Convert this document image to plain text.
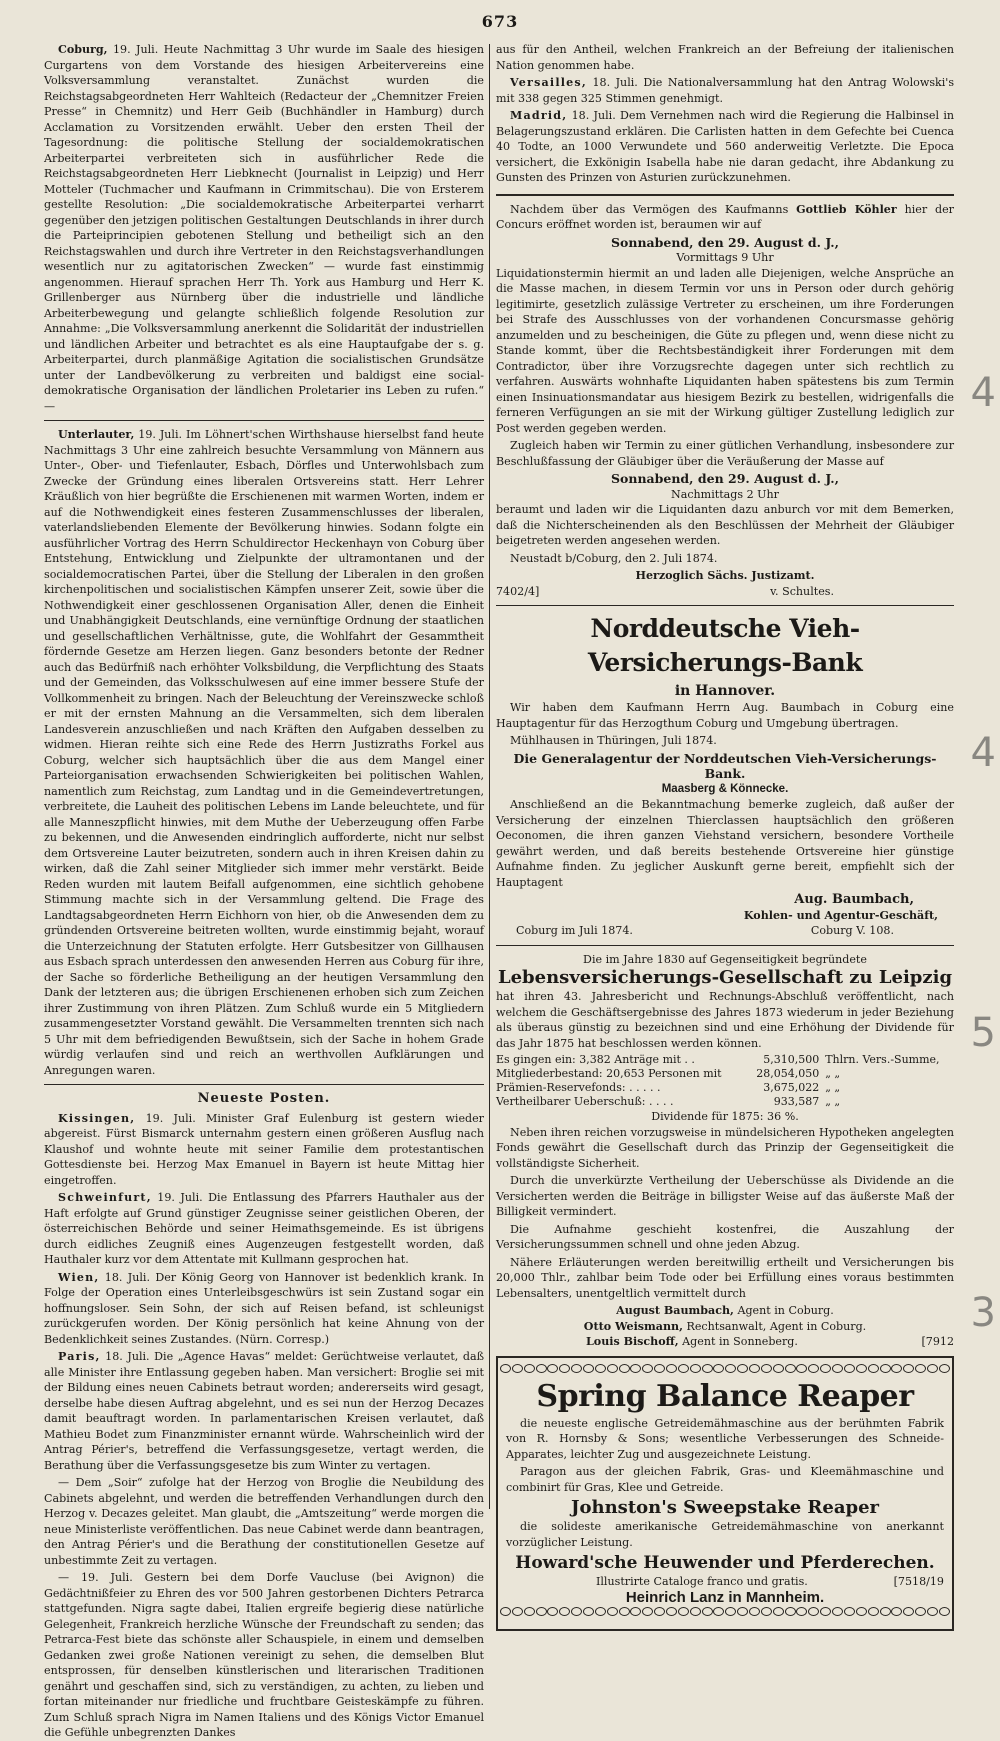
673

Coburg, 19. Juli. Heute Nachmittag 3 Uhr wurde im Saale des hiesigen Curgartens von dem Vorstande des hiesigen Arbeitervereins eine Volksversammlung veranstaltet. Zunächst wurden die Reichstagsabgeordneten Herr Wahlteich (Redacteur der „Chemnitzer Freien Presse“ in Chemnitz) und Herr Geib (Buchhändler in Hamburg) durch Acclamation zu Vorsitzenden erwählt. Ueber den ersten Theil der Tagesordnung: die politische Stellung der socialdemokratischen Arbeiterpartei verbreiteten sich in ausführlicher Rede die Reichstagsabgeordneten Herr Liebknecht (Journalist in Leipzig) und Herr Motteler (Tuchmacher und Kaufmann in Crimmitschau). Die von Ersterem gestellte Resolution: „Die socialdemokratische Arbeiterpartei verharrt gegenüber den jetzigen politischen Gestaltungen Deutschlands in ihrer durch die Parteiprincipien gebotenen Stellung und betheiligt sich an den Reichstagswahlen und durch ihre Vertreter in den Reichstagsverhandlungen wesentlich nur zu agitatorischen Zwecken“ — wurde fast einstimmig angenommen. Hierauf sprachen Herr Th. York aus Hamburg und Herr K. Grillenberger aus Nürnberg über die industrielle und ländliche Arbeiterbewegung und gelangte schließlich folgende Resolution zur Annahme: „Die Volksversammlung anerkennt die Solidarität der industriellen und ländlichen Arbeiter und betrachtet es als eine Hauptaufgabe der s. g. Arbeiterpartei, durch planmäßige Agitation die socialistischen Grundsätze unter der Landbevölkerung zu verbreiten und baldigst eine social-demokratische Organisation der ländlichen Proletarier ins Leben zu rufen.“ —

Unterlauter, 19. Juli. Im Löhnert'schen Wirthshause hierselbst fand heute Nachmittags 3 Uhr eine zahlreich besuchte Versammlung von Männern aus Unter-, Ober- und Tiefenlauter, Esbach, Dörfles und Unterwohlsbach zum Zwecke der Gründung eines liberalen Ortsvereins statt. Herr Lehrer Kräußlich von hier begrüßte die Erschienenen mit warmen Worten, indem er auf die Nothwendigkeit eines festeren Zusammenschlusses der liberalen, vaterlandsliebenden Elemente der Bevölkerung hinwies. Sodann folgte ein ausführlicher Vortrag des Herrn Schuldirector Heckenhayn von Coburg über Entstehung, Entwicklung und Zielpunkte der ultramontanen und der socialdemocratischen Partei, über die Stellung der Liberalen in den großen kirchenpolitischen und socialistischen Kämpfen unserer Zeit, sowie über die Nothwendigkeit einer geschlossenen Organisation Aller, denen die Einheit und Unabhängigkeit Deutschlands, eine vernünftige Ordnung der staatlichen und gesellschaftlichen Verhältnisse, gute, die Wohlfahrt der Gesammtheit fördernde Gesetze am Herzen liegen. Ganz besonders betonte der Redner auch das Bedürfniß nach erhöhter Volksbildung, die Verpflichtung des Staats und der Gemeinden, das Volksschulwesen auf eine immer bessere Stufe der Vollkommenheit zu bringen. Nach der Beleuchtung der Vereinszwecke schloß er mit der ernsten Mahnung an die Versammelten, sich dem liberalen Landesverein anzuschließen und nach Kräften den Aufgaben desselben zu widmen. Hieran reihte sich eine Rede des Herrn Justizraths Forkel aus Coburg, welcher sich hauptsächlich über die aus dem Mangel einer Parteiorganisation erwachsenden Schwierigkeiten bei politischen Wahlen, namentlich zum Reichstag, zum Landtag und in die Gemeindevertretungen, verbreitete, die Lauheit des politischen Lebens im Lande beleuchtete, und für alle Manneszpflicht hinwies, mit dem Muthe der Ueberzeugung offen Farbe zu bekennen, und die Anwesenden eindringlich aufforderte, nicht nur selbst dem Ortsvereine Lauter beizutreten, sondern auch in ihren Kreisen dahin zu wirken, daß die Zahl seiner Mitglieder sich immer mehr verstärkt. Beide Reden wurden mit lautem Beifall aufgenommen, eine sichtlich gehobene Stimmung machte sich in der Versammlung geltend. Die Frage des Landtagsabgeordneten Herrn Eichhorn von hier, ob die Anwesenden dem zu gründenden Ortsvereine beitreten wollten, wurde einstimmig bejaht, worauf die Unterzeichnung der Statuten erfolgte. Herr Gutsbesitzer von Gillhausen aus Esbach sprach unterdessen den anwesenden Herren aus Coburg für ihre, der Sache so förderliche Betheiligung an der heutigen Versammlung den Dank der letzteren aus; die übrigen Erschienenen erhoben sich zum Zeichen ihrer Zustimmung von ihren Plätzen. Zum Schluß wurde ein 5 Mitgliedern zusammengesetzter Vorstand gewählt. Die Versammelten trennten sich nach 5 Uhr mit dem befriedigenden Bewußtsein, sich der Sache in hohem Grade würdig verlaufen sind und reich an werthvollen Aufklärungen und Anregungen waren.

Neueste Posten.

Kissingen, 19. Juli. Minister Graf Eulenburg ist gestern wieder abgereist. Fürst Bismarck unternahm gestern einen größeren Ausflug nach Klaushof und wohnte heute mit seiner Familie dem protestantischen Gottesdienste bei. Herzog Max Emanuel in Bayern ist heute Mittag hier eingetroffen.

Schweinfurt, 19. Juli. Die Entlassung des Pfarrers Hauthaler aus der Haft erfolgte auf Grund günstiger Zeugnisse seiner geistlichen Oberen, der österreichischen Behörde und seiner Heimathsgemeinde. Es ist übrigens durch eidliches Zeugniß eines Augenzeugen festgestellt worden, daß Hauthaler kurz vor dem Attentate mit Kullmann gesprochen hat.

Wien, 18. Juli. Der König Georg von Hannover ist bedenklich krank. In Folge der Operation eines Unterleibsgeschwürs ist sein Zustand sogar ein hoffnungsloser. Sein Sohn, der sich auf Reisen befand, ist schleunigst zurückgerufen worden. Der König persönlich hat keine Ahnung von der Bedenklichkeit seines Zustandes. (Nürn. Corresp.)

Paris, 18. Juli. Die „Agence Havas“ meldet: Gerüchtweise verlautet, daß alle Minister ihre Entlassung gegeben haben. Man versichert: Broglie sei mit der Bildung eines neuen Cabinets betraut worden; andererseits wird gesagt, derselbe habe diesen Auftrag abgelehnt, und es sei nun der Herzog Decazes damit beauftragt worden. In parlamentarischen Kreisen verlautet, daß Mathieu Bodet zum Finanzminister ernannt würde. Wahrscheinlich wird der Antrag Périer's, betreffend die Verfassungsgesetze, vertagt werden, die Berathung über die Verfassungsgesetze bis zum Winter zu vertagen.

— Dem „Soir“ zufolge hat der Herzog von Broglie die Neubildung des Cabinets abgelehnt, und werden die betreffenden Verhandlungen durch den Herzog v. Decazes geleitet. Man glaubt, die „Amtszeitung“ werde morgen die neue Ministerliste veröffentlichen. Das neue Cabinet werde dann beantragen, den Antrag Périer's und die Berathung der constitutionellen Gesetze auf unbestimmte Zeit zu vertagen.

— 19. Juli. Gestern bei dem Dorfe Vaucluse (bei Avignon) die Gedächtnißfeier zu Ehren des vor 500 Jahren gestorbenen Dichters Petrarca stattgefunden. Nigra sagte dabei, Italien ergreife begierig diese natürliche Gelegenheit, Frankreich herzliche Wünsche der Freundschaft zu senden; das Petrarca-Fest biete das schönste aller Schauspiele, in einem und demselben Gedanken zwei große Nationen vereinigt zu sehen, die demselben Blut entsprossen, für denselben künstlerischen und literarischen Traditionen genährt und geschaffen sind, sich zu verständigen, zu achten, zu lieben und fortan miteinander nur friedliche und fruchtbare Geisteskämpfe zu führen. Zum Schluß sprach Nigra im Namen Italiens und des Königs Victor Emanuel die Gefühle unbegrenzten Dankes

aus für den Antheil, welchen Frankreich an der Befreiung der italienischen Nation genommen habe.

Versailles, 18. Juli. Die Nationalversammlung hat den Antrag Wolowski's mit 338 gegen 325 Stimmen genehmigt.

Madrid, 18. Juli. Dem Vernehmen nach wird die Regierung die Halbinsel in Belagerungszustand erklären. Die Carlisten hatten in dem Gefechte bei Cuenca 40 Todte, an 1000 Verwundete und 560 anderweitig Verletzte. Die Epoca versichert, die Exkönigin Isabella habe nie daran gedacht, ihre Abdankung zu Gunsten des Prinzen von Asturien zurückzunehmen.

Nachdem über das Vermögen des Kaufmanns Gottlieb Köhler hier der Concurs eröffnet worden ist, beraumen wir auf

Sonnabend, den 29. August d. J.,
Vormittags 9 Uhr

Liquidationstermin hiermit an und laden alle Diejenigen, welche Ansprüche an die Masse machen, in diesem Termin vor uns in Person oder durch gehörig legitimirte, gesetzlich zulässige Vertreter zu erscheinen, um ihre Forderungen bei Strafe des Ausschlusses von der vorhandenen Concursmasse gehörig anzumelden und zu bescheinigen, die Güte zu pflegen und, wenn diese nicht zu Stande kommt, über die Rechtsbeständigkeit ihrer Forderungen mit dem Contradictor, über ihre Vorzugsrechte dagegen unter sich rechtlich zu verfahren. Auswärts wohnhafte Liquidanten haben spätestens bis zum Termin einen Insinuationsmandatar aus hiesigem Bezirk zu bestellen, widrigenfalls die ferneren Verfügungen an sie mit der Wirkung gültiger Zustellung lediglich zur Post werden gegeben werden.

Zugleich haben wir Termin zu einer gütlichen Verhandlung, insbesondere zur Beschlußfassung der Gläubiger über die Veräußerung der Masse auf

Sonnabend, den 29. August d. J.,
Nachmittags 2 Uhr

beraumt und laden wir die Liquidanten dazu anburch vor mit dem Bemerken, daß die Nichterscheinenden als den Beschlüssen der Mehrheit der Gläubiger beigetreten werden angesehen werden.

Neustadt b/Coburg, den 2. Juli 1874.

Herzoglich Sächs. Justizamt.
7402/4]	v. Schultes.
Norddeutsche Vieh-Versicherungs-Bank
in Hannover.

Wir haben dem Kaufmann Herrn Aug. Baumbach in Coburg eine Hauptagentur für das Herzogthum Coburg und Umgebung übertragen.

Mühlhausen in Thüringen, Juli 1874.

Die Generalagentur der Norddeutschen Vieh-Versicherungs-Bank.
Maasberg & Könnecke.

Anschließend an die Bekanntmachung bemerke zugleich, daß außer der Versicherung der einzelnen Thierclassen hauptsächlich den größeren Oeconomen, die ihren ganzen Viehstand versichern, besondere Vortheile gewährt werden, und daß bereits bestehende Ortsvereine hier günstige Aufnahme finden. Zu jeglicher Auskunft gerne bereit, empfiehlt sich der Hauptagent

Aug. Baumbach,
Kohlen- und Agentur-Geschäft,
Coburg im Juli 1874.	Coburg V. 108.
Die im Jahre 1830 auf Gegenseitigkeit begründete
Lebensversicherungs-Gesellschaft zu Leipzig

hat ihren 43. Jahresbericht und Rechnungs-Abschluß veröffentlicht, nach welchem die Geschäftsergebnisse des Jahres 1873 wiederum in jeder Beziehung als überaus günstig zu bezeichnen sind und eine Erhöhung der Dividende für das Jahr 1875 hat beschlossen werden können.

Es gingen ein: 3,382 Anträge mit . .	5,310,500	Thlrn. Vers.-Summe,
Mitgliederbestand: 20,653 Personen mit	28,054,050	„ „
Prämien-Reservefonds: . . . . .	3,675,022	„ „
Vertheilbarer Ueberschuß: . . . .	933,587	„ „
Dividende für 1875: 36 %.

Neben ihren reichen vorzugsweise in mündelsicheren Hypotheken angelegten Fonds gewährt die Gesellschaft durch das Prinzip der Gegenseitigkeit die vollständigste Sicherheit.

Durch die unverkürzte Vertheilung der Ueberschüsse als Dividende an die Versicherten werden die Beiträge in billigster Weise auf das äußerste Maß der Billigkeit vermindert.

Die Aufnahme geschieht kostenfrei, die Auszahlung der Versicherungssummen schnell und ohne jeden Abzug.

Nähere Erläuterungen werden bereitwillig ertheilt und Versicherungen bis 20,000 Thlr., zahlbar beim Tode oder bei Erfüllung eines voraus bestimmten Lebensalters, unentgeltlich vermittelt durch

August Baumbach, Agent in Coburg.
Otto Weismann, Rechtsanwalt, Agent in Coburg.
Louis Bischoff, Agent in Sonneberg.	[7912
Spring Balance Reaper

die neueste englische Getreidemähmaschine aus der berühmten Fabrik von R. Hornsby & Sons; wesentliche Verbesserungen des Schneide-Apparates, leichter Zug und ausgezeichnete Leistung.

Paragon aus der gleichen Fabrik, Gras- und Kleemähmaschine und combinirt für Gras, Klee und Getreide.

Johnston's Sweepstake Reaper

die solideste amerikanische Getreidemähmaschine von anerkannt vorzüglicher Leistung.

Howard'sche Heuwender und Pferderechen.
Illustrirte Cataloge franco und gratis.	[7518/19
Heinrich Lanz in Mannheim.
4
4
5
3
